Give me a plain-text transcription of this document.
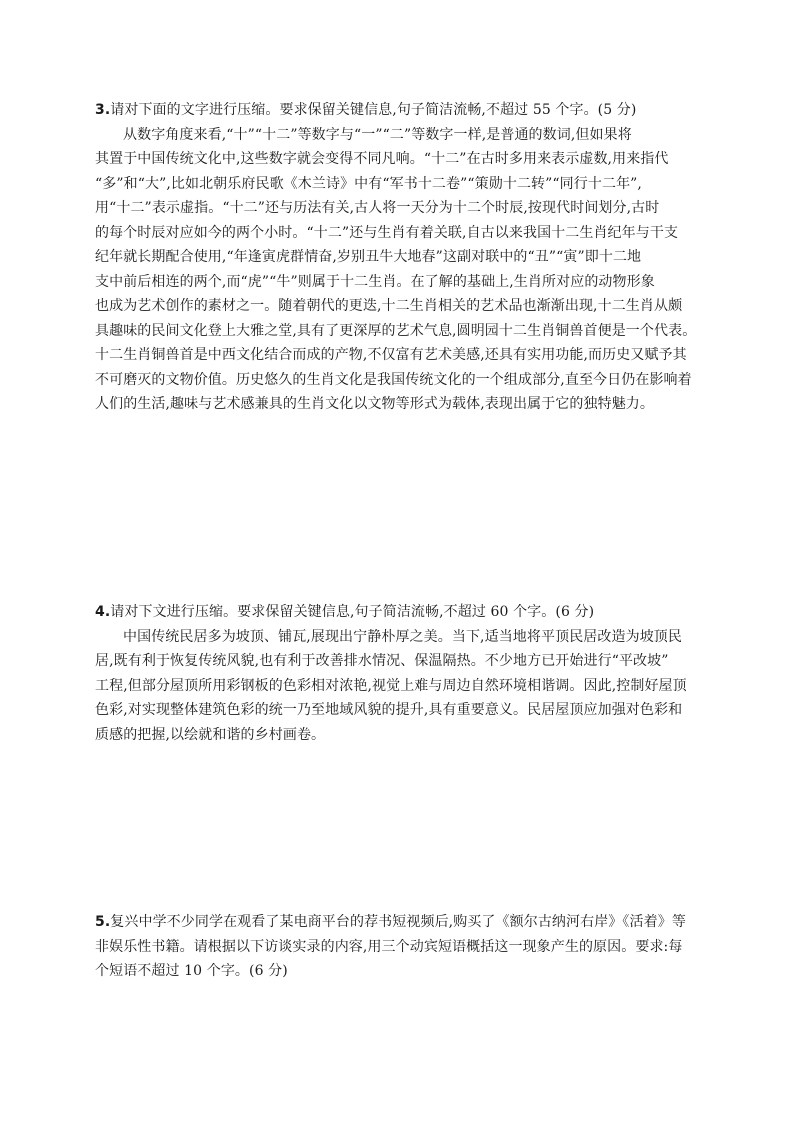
3.请对下面的文字进行压缩。要求保留关键信息,句子简洁流畅,不超过 55 个字。(5 分)
从数字角度来看,“十”“十二”等数字与“一”“二”等数字一样,是普通的数词,但如果将
其置于中国传统文化中,这些数字就会变得不同凡响。“十二”在古时多用来表示虚数,用来指代
“多”和“大”,比如北朝乐府民歌《木兰诗》中有“军书十二卷”“策勋十二转”“同行十二年”,
用“十二”表示虚指。“十二”还与历法有关,古人将一天分为十二个时辰,按现代时间划分,古时
的每个时辰对应如今的两个小时。“十二”还与生肖有着关联,自古以来我国十二生肖纪年与干支
纪年就长期配合使用,“年逢寅虎群情奋,岁别丑牛大地春”这副对联中的“丑”“寅”即十二地
支中前后相连的两个,而“虎”“牛”则属于十二生肖。在了解的基础上,生肖所对应的动物形象
也成为艺术创作的素材之一。随着朝代的更迭,十二生肖相关的艺术品也渐渐出现,十二生肖从颇
具趣味的民间文化登上大雅之堂,具有了更深厚的艺术气息,圆明园十二生肖铜兽首便是一个代表。
十二生肖铜兽首是中西文化结合而成的产物,不仅富有艺术美感,还具有实用功能,而历史又赋予其
不可磨灭的文物价值。历史悠久的生肖文化是我国传统文化的一个组成部分,直至今日仍在影响着
人们的生活,趣味与艺术感兼具的生肖文化以文物等形式为载体,表现出属于它的独特魅力。
4.请对下文进行压缩。要求保留关键信息,句子简洁流畅,不超过 60 个字。(6 分)
中国传统民居多为坡顶、铺瓦,展现出宁静朴厚之美。当下,适当地将平顶民居改造为坡顶民
居,既有利于恢复传统风貌,也有利于改善排水情况、保温隔热。不少地方已开始进行“平改坡”
工程,但部分屋顶所用彩钢板的色彩相对浓艳,视觉上难与周边自然环境相谐调。因此,控制好屋顶
色彩,对实现整体建筑色彩的统一乃至地域风貌的提升,具有重要意义。民居屋顶应加强对色彩和
质感的把握,以绘就和谐的乡村画卷。
5.复兴中学不少同学在观看了某电商平台的荐书短视频后,购买了《额尔古纳河右岸》《活着》等
非娱乐性书籍。请根据以下访谈实录的内容,用三个动宾短语概括这一现象产生的原因。要求:每
个短语不超过 10 个字。(6 分)
